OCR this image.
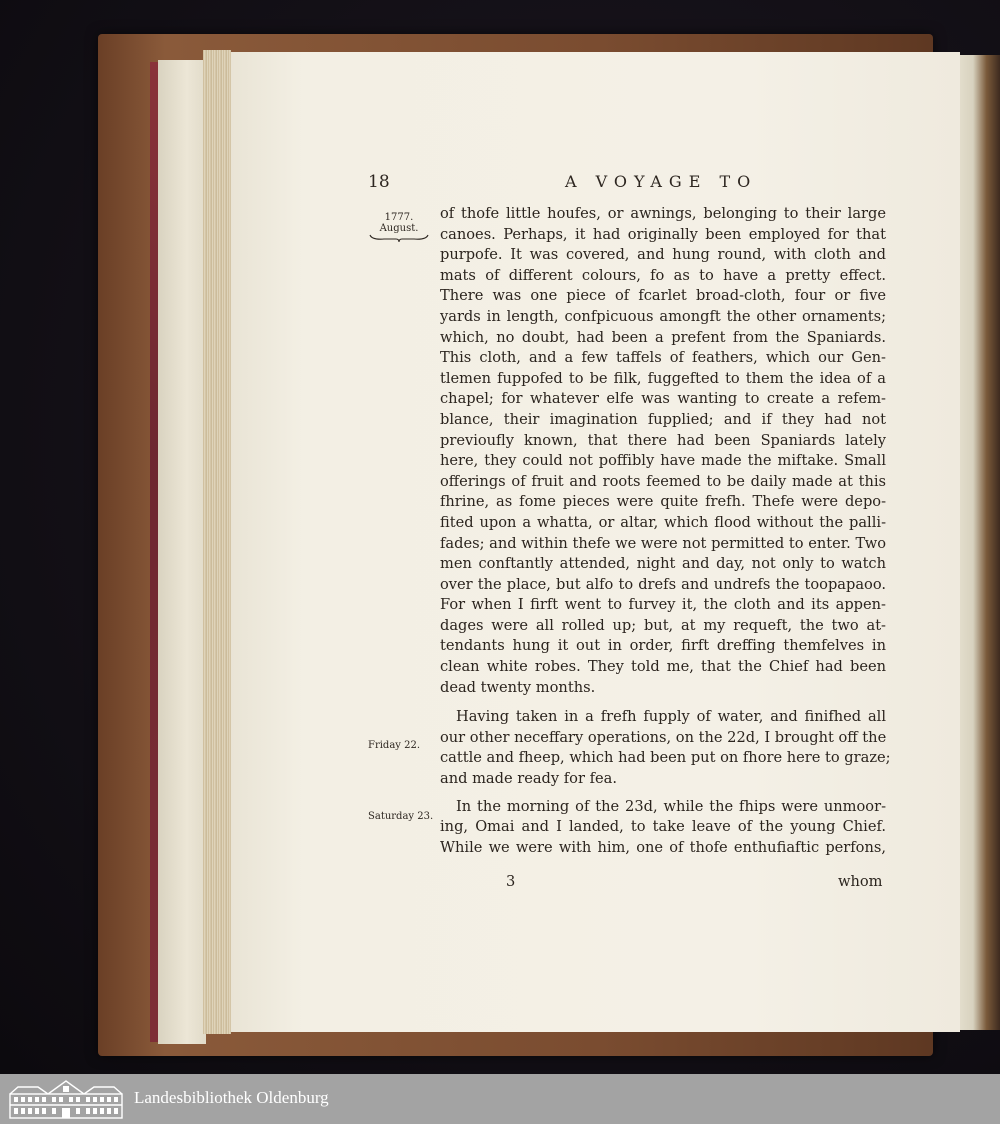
18	A VOYAGE TO
1777.
August.
of thofe little houfes, or awnings, belonging to their large
canoes. Perhaps, it had originally been employed for that
purpofe. It was covered, and hung round, with cloth and
mats of different colours, fo as to have a pretty effect.
There was one piece of fcarlet broad-cloth, four or five
yards in length, confpicuous amongft the other ornaments;
which, no doubt, had been a prefent from the Spaniards.
This cloth, and a few taffels of feathers, which our Gen-
tlemen fuppofed to be filk, fuggefted to them the idea of a
chapel; for whatever elfe was wanting to create a refem-
blance, their imagination fupplied; and if they had not
previoufly known, that there had been Spaniards lately
here, they could not poffibly have made the miftake. Small
offerings of fruit and roots feemed to be daily made at this
fhrine, as fome pieces were quite frefh. Thefe were depo-
fited upon a whatta, or altar, which flood without the palli-
fades; and within thefe we were not permitted to enter. Two
men conftantly attended, night and day, not only to watch
over the place, but alfo to drefs and undrefs the toopapaoo.
For when I firft went to furvey it, the cloth and its appen-
dages were all rolled up; but, at my requeft, the two at-
tendants hung it out in order, firft dreffing themfelves in
clean white robes. They told me, that the Chief had been
dead twenty months.
Having taken in a frefh fupply of water, and finifhed all
our other neceffary operations, on the 22d, I brought off the
cattle and fheep, which had been put on fhore here to graze;
and made ready for fea.
In the morning of the 23d, while the fhips were unmoor-
ing, Omai and I landed, to take leave of the young Chief.
While we were with him, one of thofe enthufiaftic perfons,
Friday 22.
Saturday 23.
3	whom
Landesbibliothek Oldenburg
